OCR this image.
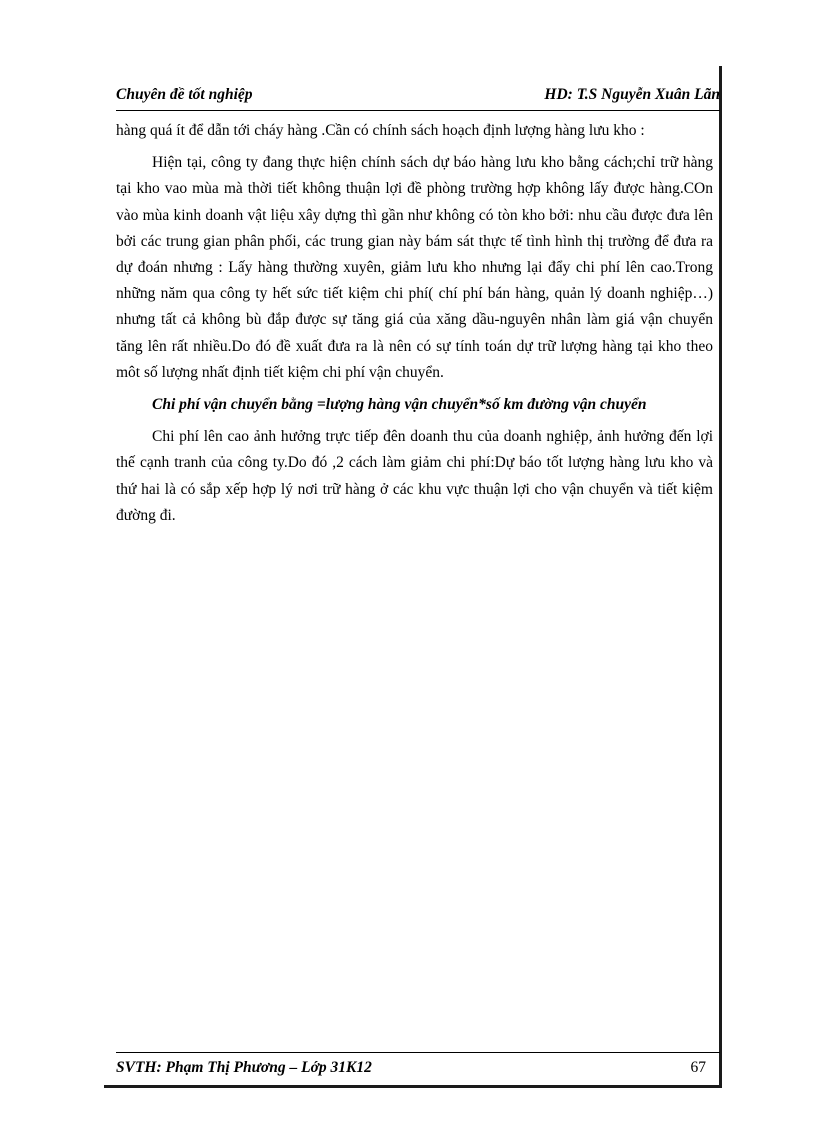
Chuyên đề tốt nghiệp	HD: T.S Nguyễn Xuân Lãn

hàng quá ít để dẫn tới cháy hàng .Cần có chính sách hoạch định lượng hàng lưu kho :

Hiện tại, công ty đang thực hiện chính sách dự báo hàng lưu kho bằng cách;chỉ trữ hàng tại kho vao mùa mà thời tiết không thuận lợi đề phòng trường hợp không lấy được hàng.COn vào mùa kinh doanh vật liệu xây dựng thì gần như không có tòn kho bởi: nhu cầu được đưa lên bởi các trung gian phân phối, các trung gian này bám sát thực tế tình hình thị trường để đưa ra dự đoán nhưng : Lấy hàng thường xuyên, giảm lưu kho nhưng lại đẩy chi phí lên cao.Trong những năm qua công ty hết sức tiết kiệm chi phí( chí phí bán hàng, quản lý doanh nghiệp…) nhưng tất cả không bù đắp được sự tăng giá của xăng dầu-nguyên nhân làm giá vận chuyển tăng lên rất nhiều.Do đó đề xuất đưa ra là nên có sự tính toán dự trữ lượng hàng tại kho theo môt số lượng nhất định tiết kiệm chi phí vận chuyển.

Chi phí vận chuyển bằng =lượng hàng vận chuyển*số km đường vận chuyển

Chi phí lên cao ảnh hưởng trực tiếp đên doanh thu của doanh nghiệp, ảnh hưởng đến lợi thế cạnh tranh của công ty.Do đó ,2 cách làm giảm chi phí:Dự báo tốt lượng hàng lưu kho và thứ hai là có sắp xếp hợp lý nơi trữ hàng ở các khu vực thuận lợi cho vận chuyển và tiết kiệm đường đi.

SVTH: Phạm Thị Phương – Lớp 31K12	67
